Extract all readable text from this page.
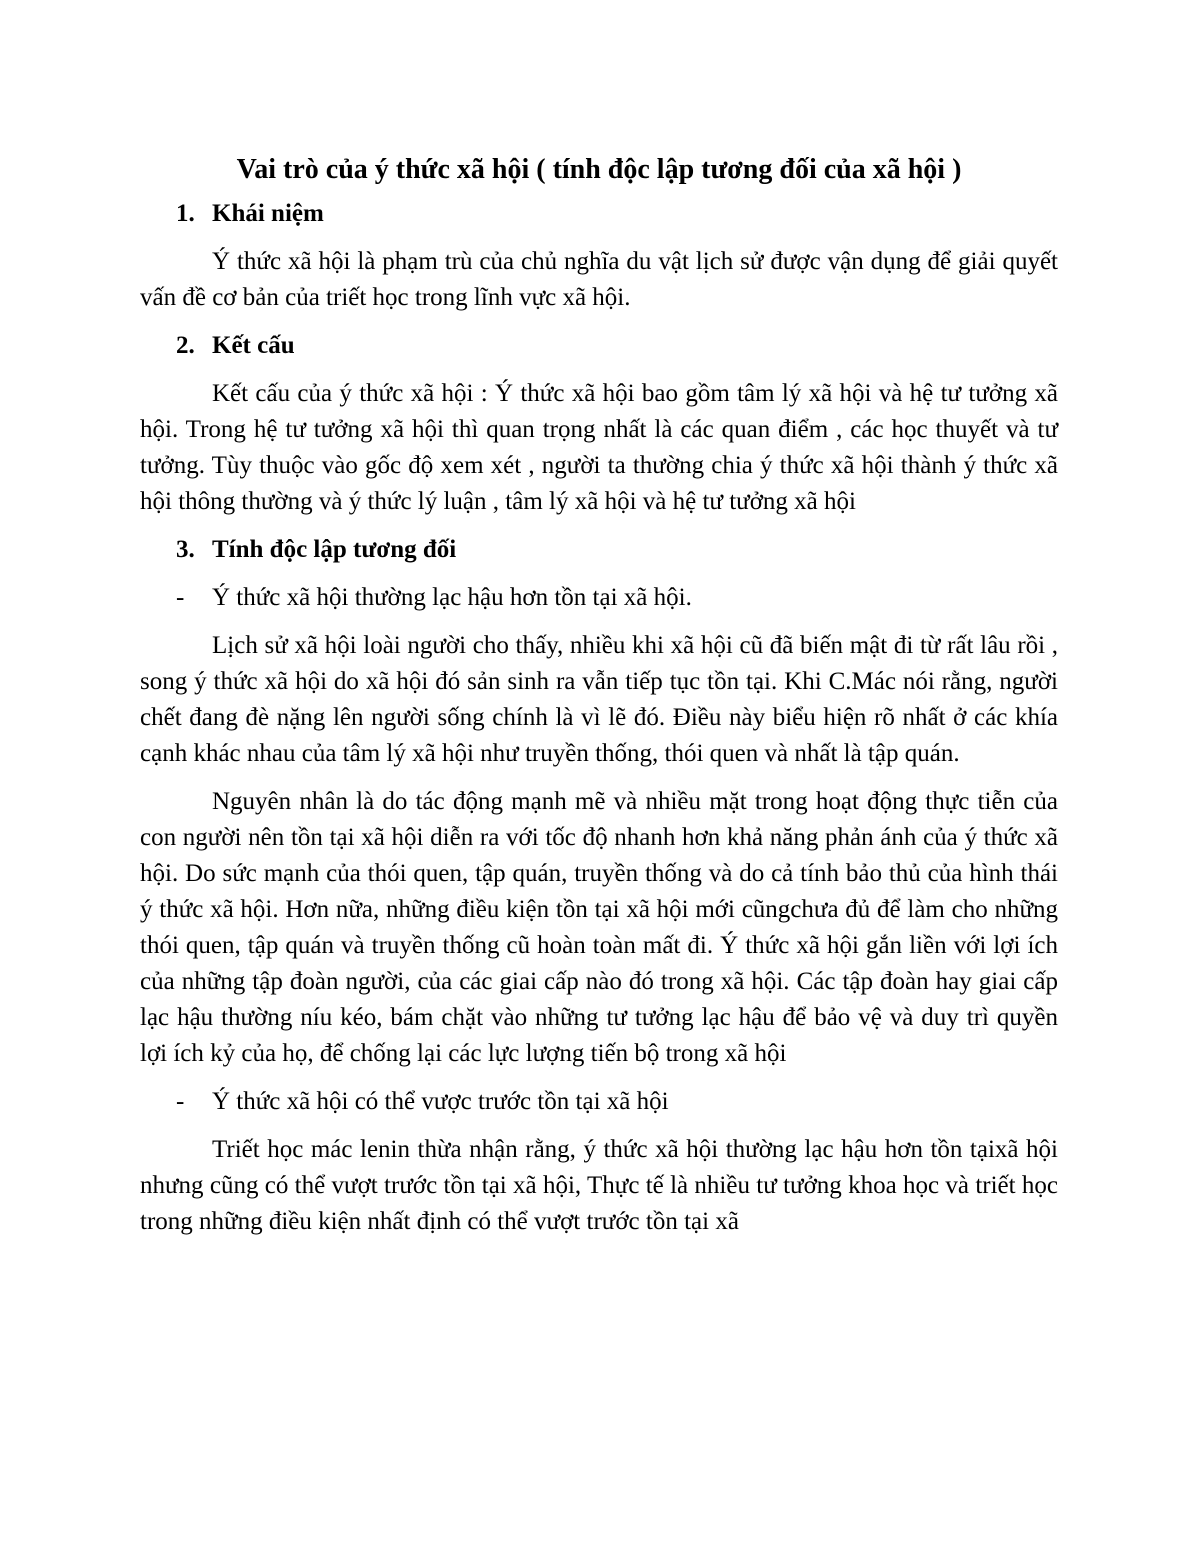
Vai trò của ý thức xã hội ( tính độc lập tương đối của xã hội )
1. Khái niệm

Ý thức xã hội là phạm trù của chủ nghĩa du vật lịch sử được vận dụng để giải quyết vấn đề cơ bản của triết học trong lĩnh vực xã hội.

2. Kết cấu

Kết cấu của ý thức xã hội : Ý thức xã hội bao gồm tâm lý xã hội và hệ tư tưởng xã hội. Trong hệ tư tưởng xã hội thì quan trọng nhất là các quan điểm , các học thuyết và tư tưởng. Tùy thuộc vào gốc độ xem xét , người ta thường chia ý thức xã hội thành ý thức xã hội thông thường và ý thức lý luận , tâm lý xã hội và hệ tư tưởng xã hội

3. Tính độc lập tương đối
-	Ý thức xã hội thường lạc hậu hơn tồn tại xã hội.

Lịch sử xã hội loài người cho thấy, nhiều khi xã hội cũ đã biến mật đi từ rất lâu rồi , song ý thức xã hội do xã hội đó sản sinh ra vẫn tiếp tục tồn tại. Khi C.Mác nói rằng, người chết đang đè nặng lên người sống chính là vì lẽ đó. Điều này biểu hiện rõ nhất ở các khía cạnh khác nhau của tâm lý xã hội như truyền thống, thói quen và nhất là tập quán.

Nguyên nhân là do tác động mạnh mẽ và nhiều mặt trong hoạt động thực tiễn của con người nên tồn tại xã hội diễn ra với tốc độ nhanh hơn khả năng phản ánh của ý thức xã hội. Do sức mạnh của thói quen, tập quán, truyền thống và do cả tính bảo thủ của hình thái ý thức xã hội. Hơn nữa, những điều kiện tồn tại xã hội mới cũngchưa đủ để làm cho những thói quen, tập quán và truyền thống cũ hoàn toàn mất đi. Ý thức xã hội gắn liền với lợi ích của những tập đoàn người, của các giai cấp nào đó trong xã hội. Các tập đoàn hay giai cấp lạc hậu thường níu kéo, bám chặt vào những tư tưởng lạc hậu để bảo vệ và duy trì quyền lợi ích kỷ của họ, để chống lại các lực lượng tiến bộ trong xã hội

-	Ý thức xã hội có thể vược trước tồn tại xã hội

Triết học mác lenin thừa nhận rằng, ý thức xã hội thường lạc hậu hơn tồn tạixã hội nhưng cũng có thể vượt trước tồn tại xã hội, Thực tế là nhiều tư tưởng khoa học và triết học trong những điều kiện nhất định có thể vượt trước tồn tại xã
